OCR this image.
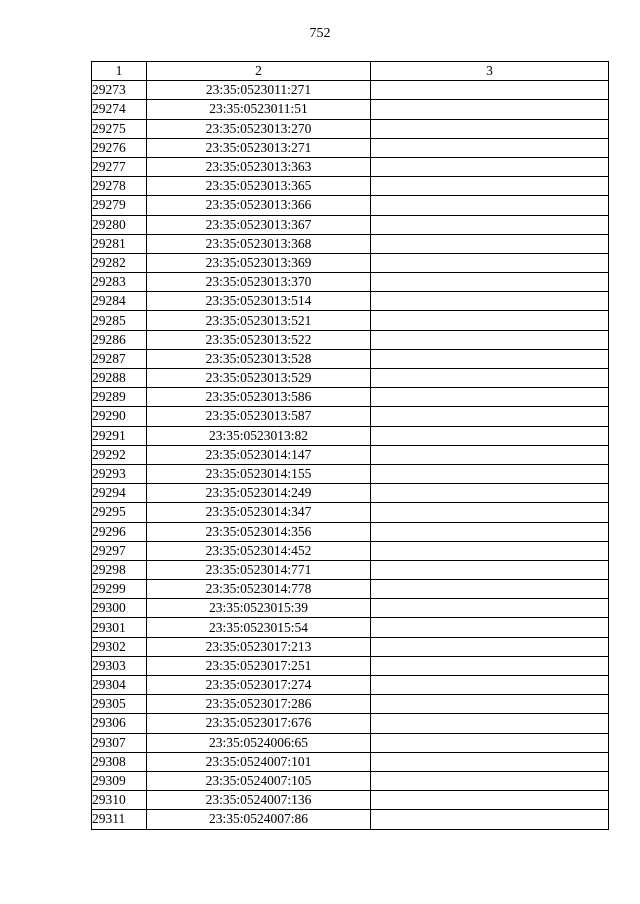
752
1	2	3
29273	23:35:0523011:271	
29274	23:35:0523011:51	
29275	23:35:0523013:270	
29276	23:35:0523013:271	
29277	23:35:0523013:363	
29278	23:35:0523013:365	
29279	23:35:0523013:366	
29280	23:35:0523013:367	
29281	23:35:0523013:368	
29282	23:35:0523013:369	
29283	23:35:0523013:370	
29284	23:35:0523013:514	
29285	23:35:0523013:521	
29286	23:35:0523013:522	
29287	23:35:0523013:528	
29288	23:35:0523013:529	
29289	23:35:0523013:586	
29290	23:35:0523013:587	
29291	23:35:0523013:82	
29292	23:35:0523014:147	
29293	23:35:0523014:155	
29294	23:35:0523014:249	
29295	23:35:0523014:347	
29296	23:35:0523014:356	
29297	23:35:0523014:452	
29298	23:35:0523014:771	
29299	23:35:0523014:778	
29300	23:35:0523015:39	
29301	23:35:0523015:54	
29302	23:35:0523017:213	
29303	23:35:0523017:251	
29304	23:35:0523017:274	
29305	23:35:0523017:286	
29306	23:35:0523017:676	
29307	23:35:0524006:65	
29308	23:35:0524007:101	
29309	23:35:0524007:105	
29310	23:35:0524007:136	
29311	23:35:0524007:86	
